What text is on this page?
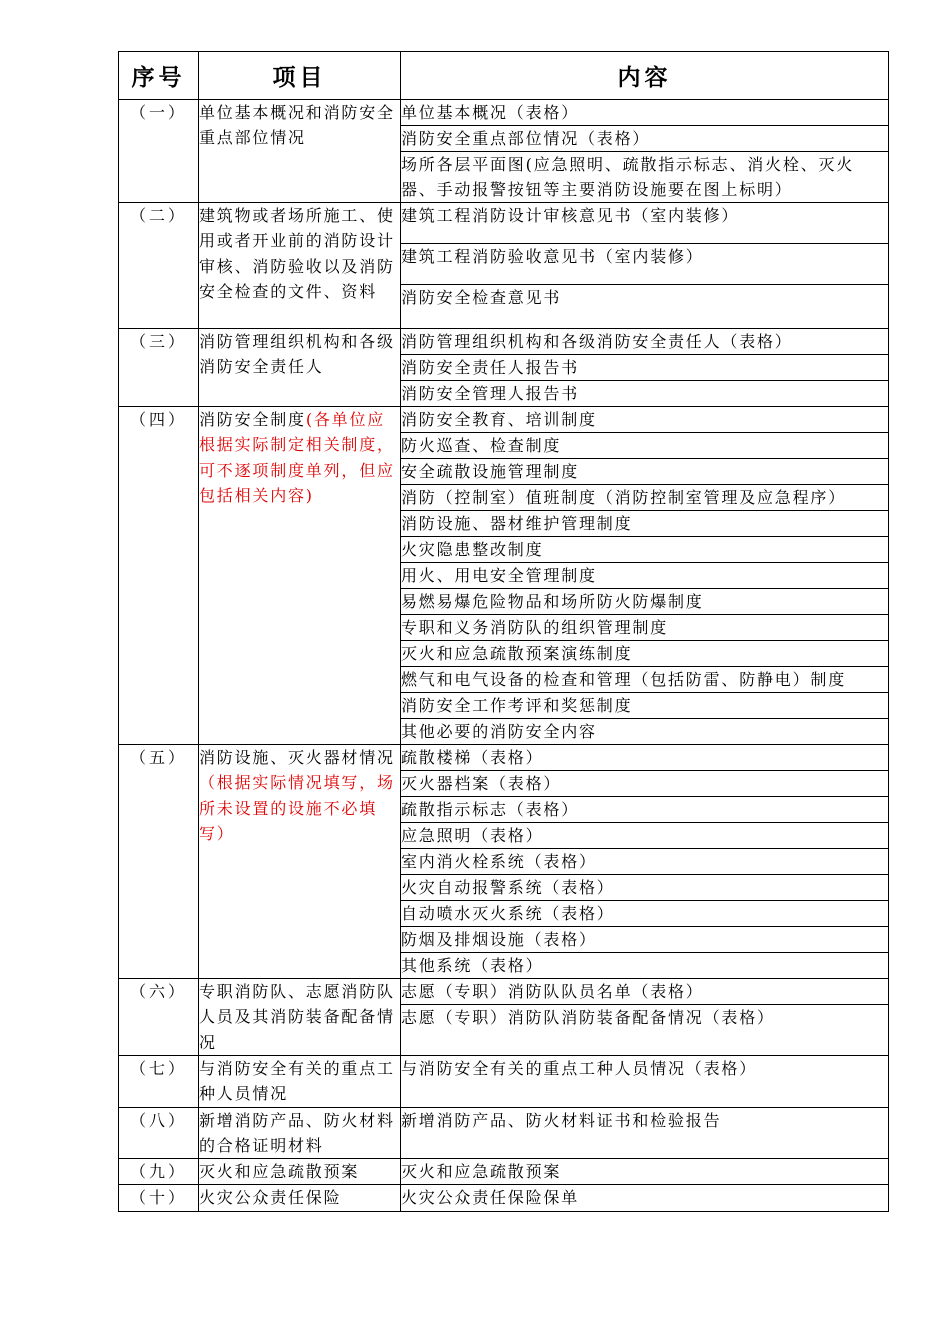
序号	项目	内容
（一）	单位基本概况和消防安全重点部位情况	单位基本概况（表格）
		消防安全重点部位情况（表格）
		场所各层平面图(应急照明、疏散指示标志、消火栓、灭火器、手动报警按钮等主要消防设施要在图上标明）
（二）	建筑物或者场所施工、使用或者开业前的消防设计审核、消防验收以及消防安全检查的文件、资料	建筑工程消防设计审核意见书（室内装修）
		建筑工程消防验收意见书（室内装修）
		消防安全检查意见书
（三）	消防管理组织机构和各级消防安全责任人	消防管理组织机构和各级消防安全责任人（表格）
		消防安全责任人报告书
		消防安全管理人报告书
（四）	消防安全制度(各单位应根据实际制定相关制度，可不逐项制度单列，但应包括相关内容)	消防安全教育、培训制度
		防火巡查、检查制度
		安全疏散设施管理制度
		消防（控制室）值班制度（消防控制室管理及应急程序）
		消防设施、器材维护管理制度
		火灾隐患整改制度
		用火、用电安全管理制度
		易燃易爆危险物品和场所防火防爆制度
		专职和义务消防队的组织管理制度
		灭火和应急疏散预案演练制度
		燃气和电气设备的检查和管理（包括防雷、防静电）制度
		消防安全工作考评和奖惩制度
		其他必要的消防安全内容
（五）	消防设施、灭火器材情况（根据实际情况填写，场所未设置的设施不必填写）	疏散楼梯（表格）
		灭火器档案（表格）
		疏散指示标志（表格）
		应急照明（表格）
		室内消火栓系统（表格）
		火灾自动报警系统（表格）
		自动喷水灭火系统（表格）
		防烟及排烟设施（表格）
		其他系统（表格）
（六）	专职消防队、志愿消防队人员及其消防装备配备情况	志愿（专职）消防队队员名单（表格）
		志愿（专职）消防队消防装备配备情况（表格）
（七）	与消防安全有关的重点工种人员情况	与消防安全有关的重点工种人员情况（表格）
（八）	新增消防产品、防火材料的合格证明材料	新增消防产品、防火材料证书和检验报告
（九）	灭火和应急疏散预案	灭火和应急疏散预案
（十）	火灾公众责任保险	火灾公众责任保险保单
